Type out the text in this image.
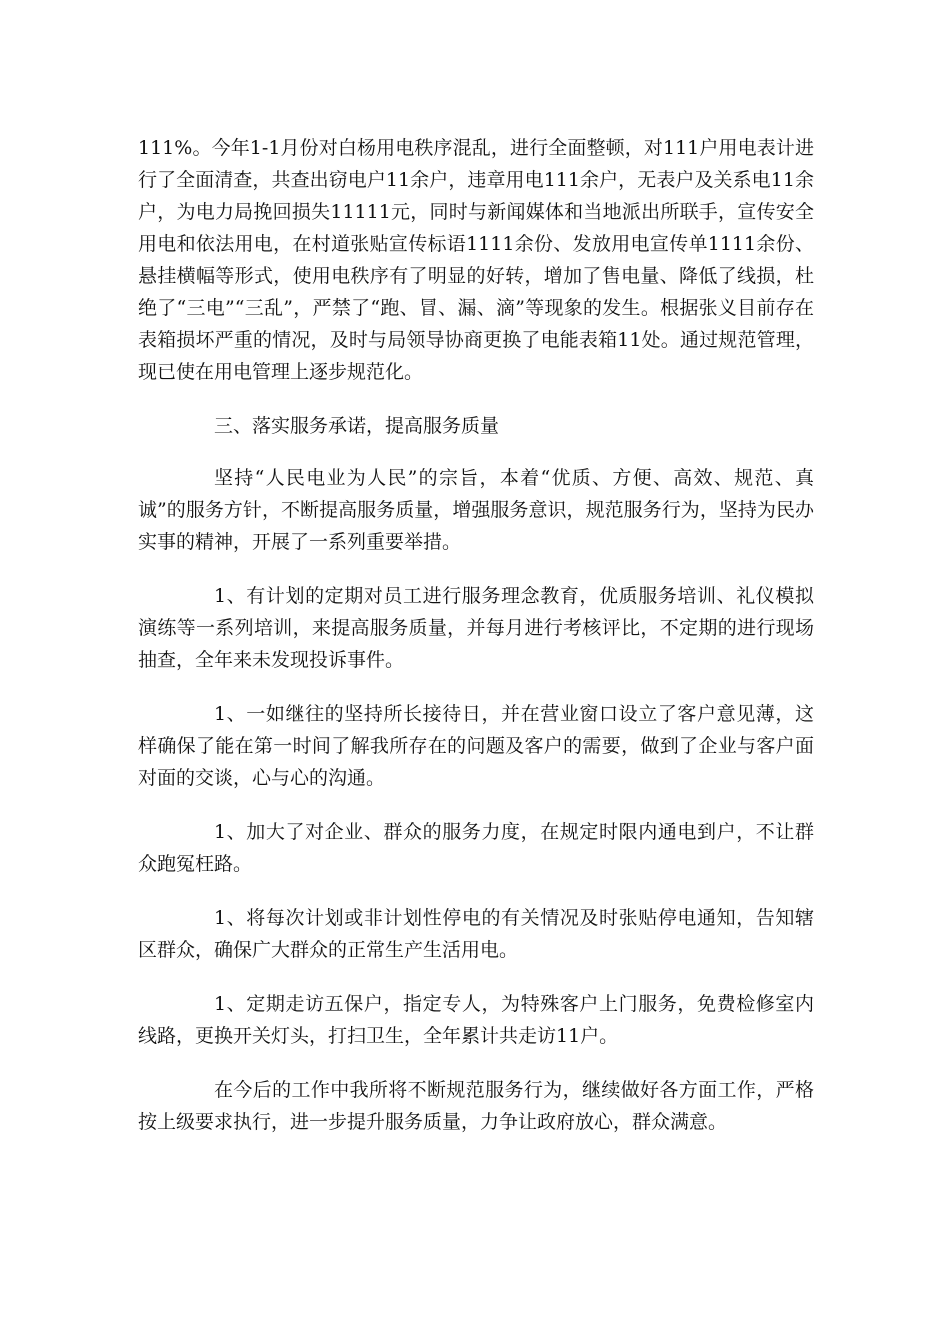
111%。今年1-1月份对白杨用电秩序混乱，进行全面整顿，对111户用电表计进行了全面清查，共查出窃电户11余户，违章用电111余户，无表户及关系电11余户，为电力局挽回损失11111元，同时与新闻媒体和当地派出所联手，宣传安全用电和依法用电，在村道张贴宣传标语1111余份、发放用电宣传单1111余份、悬挂横幅等形式，使用电秩序有了明显的好转，增加了售电量、降低了线损，杜绝了“三电”“三乱”，严禁了“跑、冒、漏、滴”等现象的发生。根据张义目前存在表箱损坏严重的情况，及时与局领导协商更换了电能表箱11处。通过规范管理，现已使在用电管理上逐步规范化。

三、落实服务承诺，提高服务质量

坚持“人民电业为人民”的宗旨，本着“优质、方便、高效、规范、真诚”的服务方针，不断提高服务质量，增强服务意识，规范服务行为，坚持为民办实事的精神，开展了一系列重要举措。

1、有计划的定期对员工进行服务理念教育，优质服务培训、礼仪模拟演练等一系列培训，来提高服务质量，并每月进行考核评比，不定期的进行现场抽查，全年来未发现投诉事件。

1、一如继往的坚持所长接待日，并在营业窗口设立了客户意见薄，这样确保了能在第一时间了解我所存在的问题及客户的需要，做到了企业与客户面对面的交谈，心与心的沟通。

1、加大了对企业、群众的服务力度，在规定时限内通电到户，不让群众跑冤枉路。

1、将每次计划或非计划性停电的有关情况及时张贴停电通知，告知辖区群众，确保广大群众的正常生产生活用电。

1、定期走访五保户，指定专人，为特殊客户上门服务，免费检修室内线路，更换开关灯头，打扫卫生，全年累计共走访11户。

在今后的工作中我所将不断规范服务行为，继续做好各方面工作，严格按上级要求执行，进一步提升服务质量，力争让政府放心，群众满意。
